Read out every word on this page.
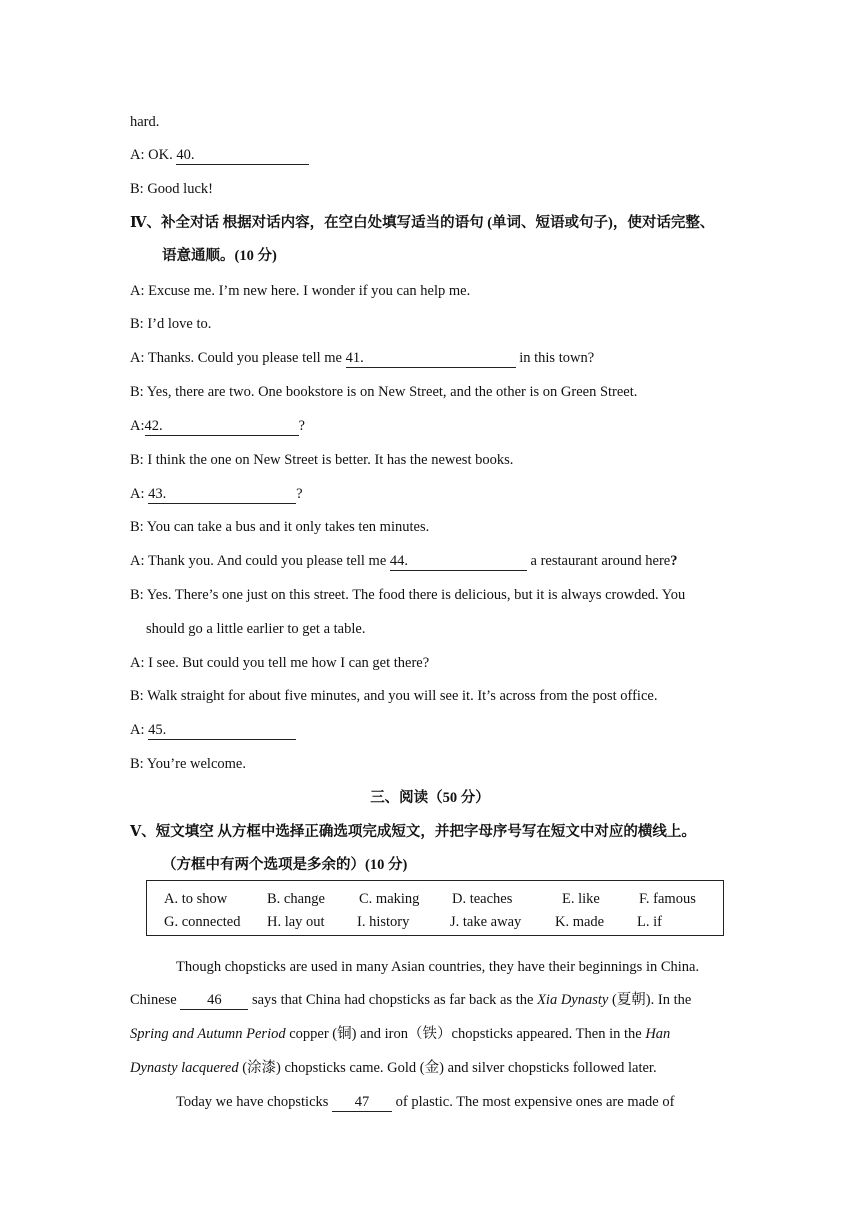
hard.
A: OK. 40.
B: Good luck!
Ⅳ、补全对话 根据对话内容，在空白处填写适当的语句 (单词、短语或句子)，使对话完整、
语意通顺。(10 分)
A: Excuse me. I’m new here. I wonder if you can help me.
B: I’d love to.
A: Thanks. Could you please tell me 41.	in this town?
B: Yes, there are two. One bookstore is on New Street, and the other is on Green Street.
A:42.	?
B: I think the one on New Street is better. It has the newest books.
A: 43.	?
B: You can take a bus and it only takes ten minutes.
A: Thank you. And could you please tell me 44.	a restaurant around here?
B: Yes. There’s one just on this street. The food there is delicious, but it is always crowded. You
should go a little earlier to get a table.
A: I see. But could you tell me how I can get there?
B: Walk straight for about five minutes, and you will see it. It’s across from the post office.
A: 45.
B: You’re welcome.
三、阅读（50 分）
Ⅴ、短文填空 从方框中选择正确选项完成短文，并把字母序号写在短文中对应的横线上。
（方框中有两个选项是多余的）(10 分)
A. to show	B. change C. making D. teaches	E. like	F. famous
G. connected H. lay out I. history	J. take away K. made L. if
Though chopsticks are used in many Asian countries, they have their beginnings in China.
Chinese 46 says that China had chopsticks as far back as the Xia Dynasty (夏朝). In the
Spring and Autumn Period copper (铜) and iron（铁）chopsticks appeared. Then in the Han
Dynasty lacquered (涂漆) chopsticks came. Gold (金) and silver chopsticks followed later.
Today we have chopsticks 47 of plastic. The most expensive ones are made of
